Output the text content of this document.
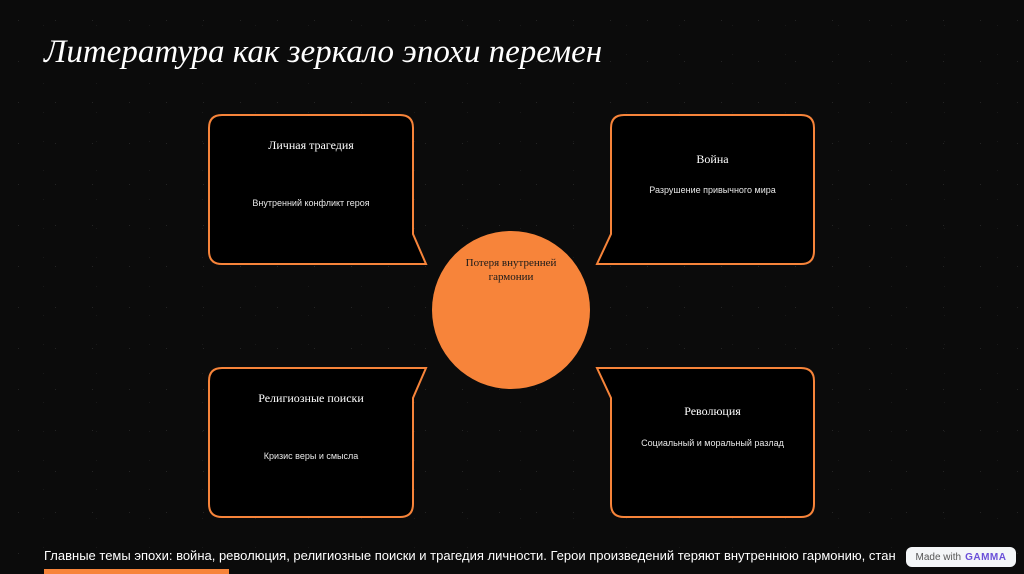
Литература как зеркало эпохи перемен
Личная трагедия
Внутренний конфликт героя
Война
Разрушение привычного мира
Религиозные поиски
Кризис веры и смысла
Революция
Социальный и моральный разлад
Потеря внутренней гармонии
Главные темы эпохи: война, революция, религиозные поиски и трагедия личности. Герои произведений теряют внутреннюю гармонию, стан	Made with GAMMA
